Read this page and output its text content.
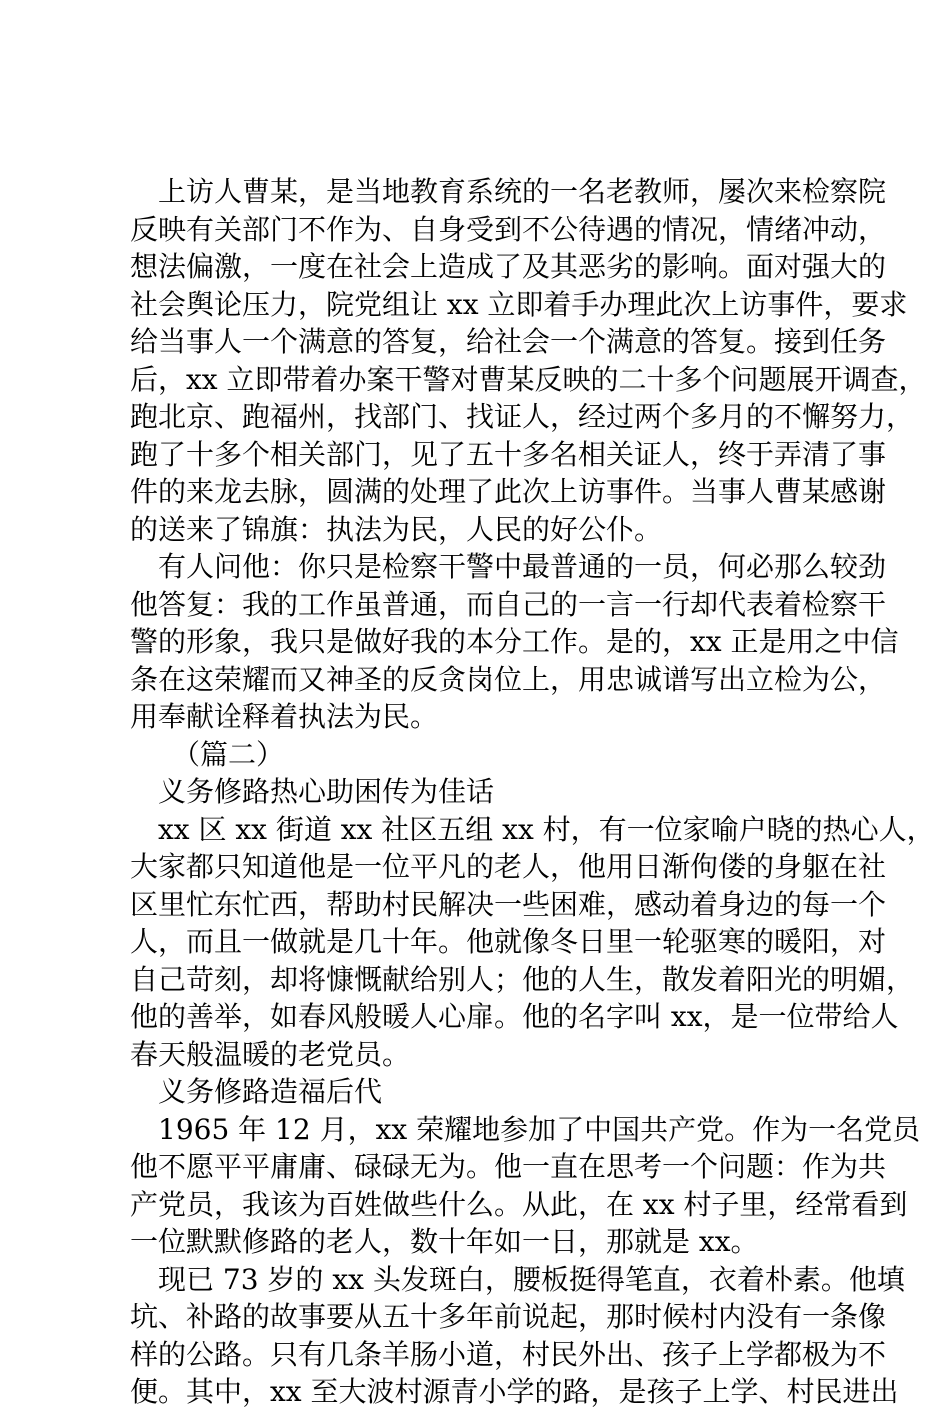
上访人曹某，是当地教育系统的一名老教师，屡次来检察院
反映有关部门不作为、自身受到不公待遇的情况，情绪冲动，
想法偏激，一度在社会上造成了及其恶劣的影响。面对强大的
社会舆论压力，院党组让 xx 立即着手办理此次上访事件，要求
给当事人一个满意的答复，给社会一个满意的答复。接到任务
后，xx 立即带着办案干警对曹某反映的二十多个问题展开调查，
跑北京、跑福州，找部门、找证人，经过两个多月的不懈努力，
跑了十多个相关部门，见了五十多名相关证人，终于弄清了事
件的来龙去脉，圆满的处理了此次上访事件。当事人曹某感谢
的送来了锦旗：执法为民，人民的好公仆。
有人问他：你只是检察干警中最普通的一员，何必那么较劲
他答复：我的工作虽普通，而自己的一言一行却代表着检察干
警的形象，我只是做好我的本分工作。是的，xx 正是用之中信
条在这荣耀而又神圣的反贪岗位上，用忠诚谱写出立检为公，
用奉献诠释着执法为民。
（篇二）
义务修路热心助困传为佳话
xx 区 xx 街道 xx 社区五组 xx 村，有一位家喻户晓的热心人，
大家都只知道他是一位平凡的老人，他用日渐佝偻的身躯在社
区里忙东忙西，帮助村民解决一些困难，感动着身边的每一个
人，而且一做就是几十年。他就像冬日里一轮驱寒的暖阳，对
自己苛刻，却将慷慨献给别人；他的人生，散发着阳光的明媚，
他的善举，如春风般暖人心扉。他的名字叫 xx，是一位带给人
春天般温暖的老党员。
义务修路造福后代
1965 年 12 月，xx 荣耀地参加了中国共产党。作为一名党员
他不愿平平庸庸、碌碌无为。他一直在思考一个问题：作为共
产党员，我该为百姓做些什么。从此，在 xx 村子里，经常看到
一位默默修路的老人，数十年如一日，那就是 xx。
现已 73 岁的 xx 头发斑白，腰板挺得笔直，衣着朴素。他填
坑、补路的故事要从五十多年前说起，那时候村内没有一条像
样的公路。只有几条羊肠小道，村民外出、孩子上学都极为不
便。其中，xx 至大波村源青小学的路，是孩子上学、村民进出
